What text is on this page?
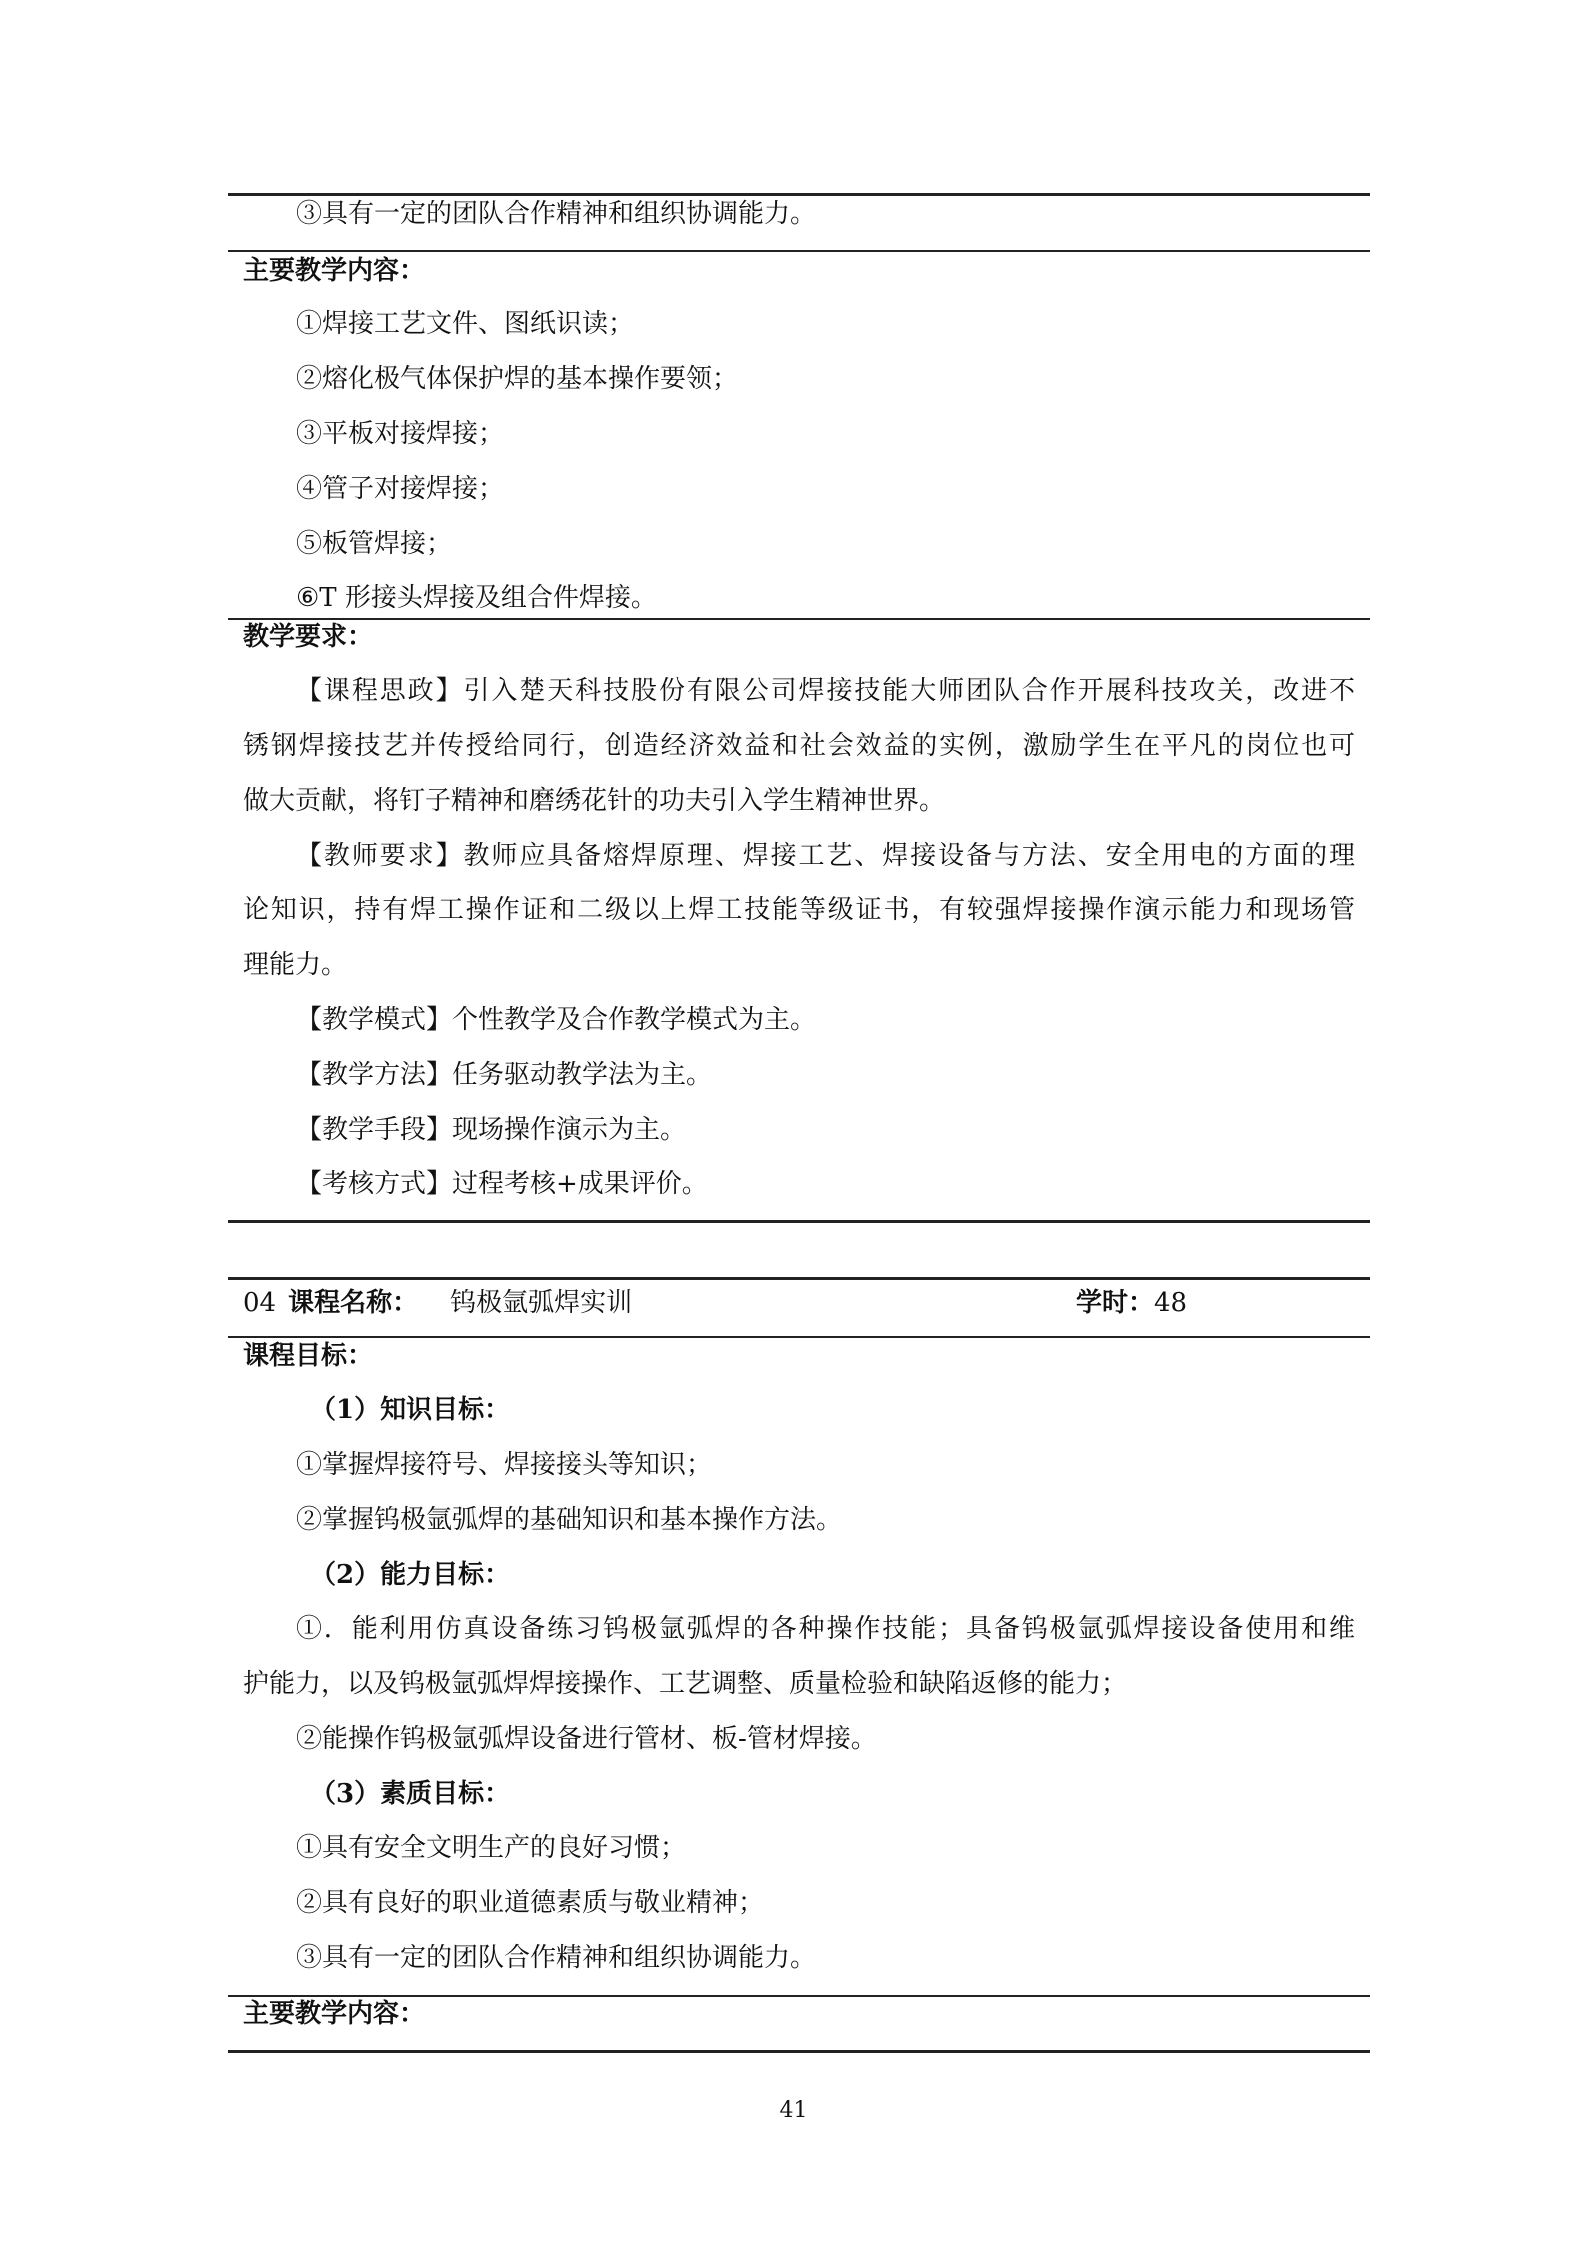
③具有一定的团队合作精神和组织协调能力。
主要教学内容：
①焊接工艺文件、图纸识读；
②熔化极气体保护焊的基本操作要领；
③平板对接焊接；
④管子对接焊接；
⑤板管焊接；
⑥T 形接头焊接及组合件焊接。
教学要求：
【课程思政】引入楚天科技股份有限公司焊接技能大师团队合作开展科技攻关，改进不
锈钢焊接技艺并传授给同行，创造经济效益和社会效益的实例，激励学生在平凡的岗位也可
做大贡献，将钉子精神和磨绣花针的功夫引入学生精神世界。
【教师要求】教师应具备熔焊原理、焊接工艺、焊接设备与方法、安全用电的方面的理
论知识，持有焊工操作证和二级以上焊工技能等级证书，有较强焊接操作演示能力和现场管
理能力。
【教学模式】个性教学及合作教学模式为主。
【教学方法】任务驱动教学法为主。
【教学手段】现场操作演示为主。
【考核方式】过程考核+成果评价。
04 课程名称： 钨极氩弧焊实训	学时：48
课程目标：
（1）知识目标：
①掌握焊接符号、焊接接头等知识；
②掌握钨极氩弧焊的基础知识和基本操作方法。
（2）能力目标：
①．能利用仿真设备练习钨极氩弧焊的各种操作技能；具备钨极氩弧焊接设备使用和维
护能力，以及钨极氩弧焊焊接操作、工艺调整、质量检验和缺陷返修的能力；
②能操作钨极氩弧焊设备进行管材、板-管材焊接。
（3）素质目标：
①具有安全文明生产的良好习惯；
②具有良好的职业道德素质与敬业精神；
③具有一定的团队合作精神和组织协调能力。
主要教学内容：
41
